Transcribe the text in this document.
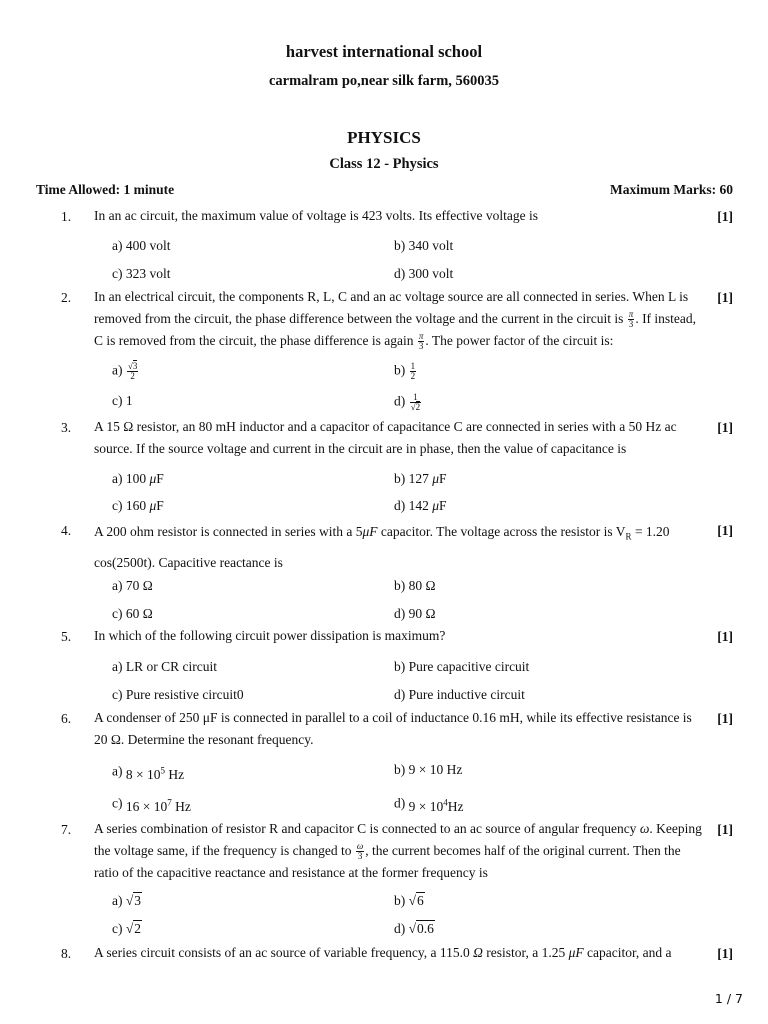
harvest international school
carmalram po,near silk farm, 560035
PHYSICS
Class 12 - Physics
Time Allowed: 1 minute	Maximum Marks: 60
1. In an ac circuit, the maximum value of voltage is 423 volts. Its effective voltage is	[1]
a) 400 volt	b) 340 volt
c) 323 volt	d) 300 volt
2. In an electrical circuit, the components R, L, C and an ac voltage source are all connected in series. When L is removed from the circuit, the phase difference between the voltage and the current in the circuit is $\frac{\pi}{3}$ . If instead, C is removed from the circuit, the phase difference is again $\frac{\pi}{3}$ . The power factor of the circuit is:
[1]
$a) \frac{√3}{2}$	$b) \frac{1}{2}$
c) 1	$d) \frac{1}{√2}$
3. A 15 Ω resistor, an 80 mH inductor and a capacitor of capacitance C are connected in series with a 50 Hz ac source. If the source voltage and current in the circuit are in phase, then the value of capacitance is
[1]
a) 100 μF	b) 127 μF
c) 160 μF	d) 142 μF
4. A 200 ohm resistor is connected in series with a 5μF capacitor. The voltage across the resistor is $V_R = 1.20$ cos(2500t). Capacitive reactance is
[1]
a) 70 Ω	b) 80 Ω
c) 60 Ω	d) 90 Ω
5. In which of the following circuit power dissipation is maximum?	[1]
a) LR or CR circuit	b) Pure capacitive circuit
c) Pure resistive circuit0	d) Pure inductive circuit
6. A condenser of 250 μF is connected in parallel to a coil of inductance 0.16 mH, while its effective resistance is 20 Ω. Determine the resonant frequency.
[1]
a) $8 \times 10^5$ Hz	b) 9 × 10 Hz
c) $16 \times 10^7$ Hz	d) $9 \times 10^4Hz$
7. A series combination of resistor R and capacitor C is connected to an ac source of angular frequency ω. Keeping the voltage same, if the frequency is changed to $\frac{\omega}{3}$ , the current becomes half of the original current. Then the ratio of the capacitive reactance and resistance at the former frequency is
[1]
a) √3	b) √6
c) √2	d) √0.6
8. A series circuit consists of an ac source of variable frequency, a 115.0 Ω resistor, a 1.25 μF capacitor, and a	[1]
1 / 7
